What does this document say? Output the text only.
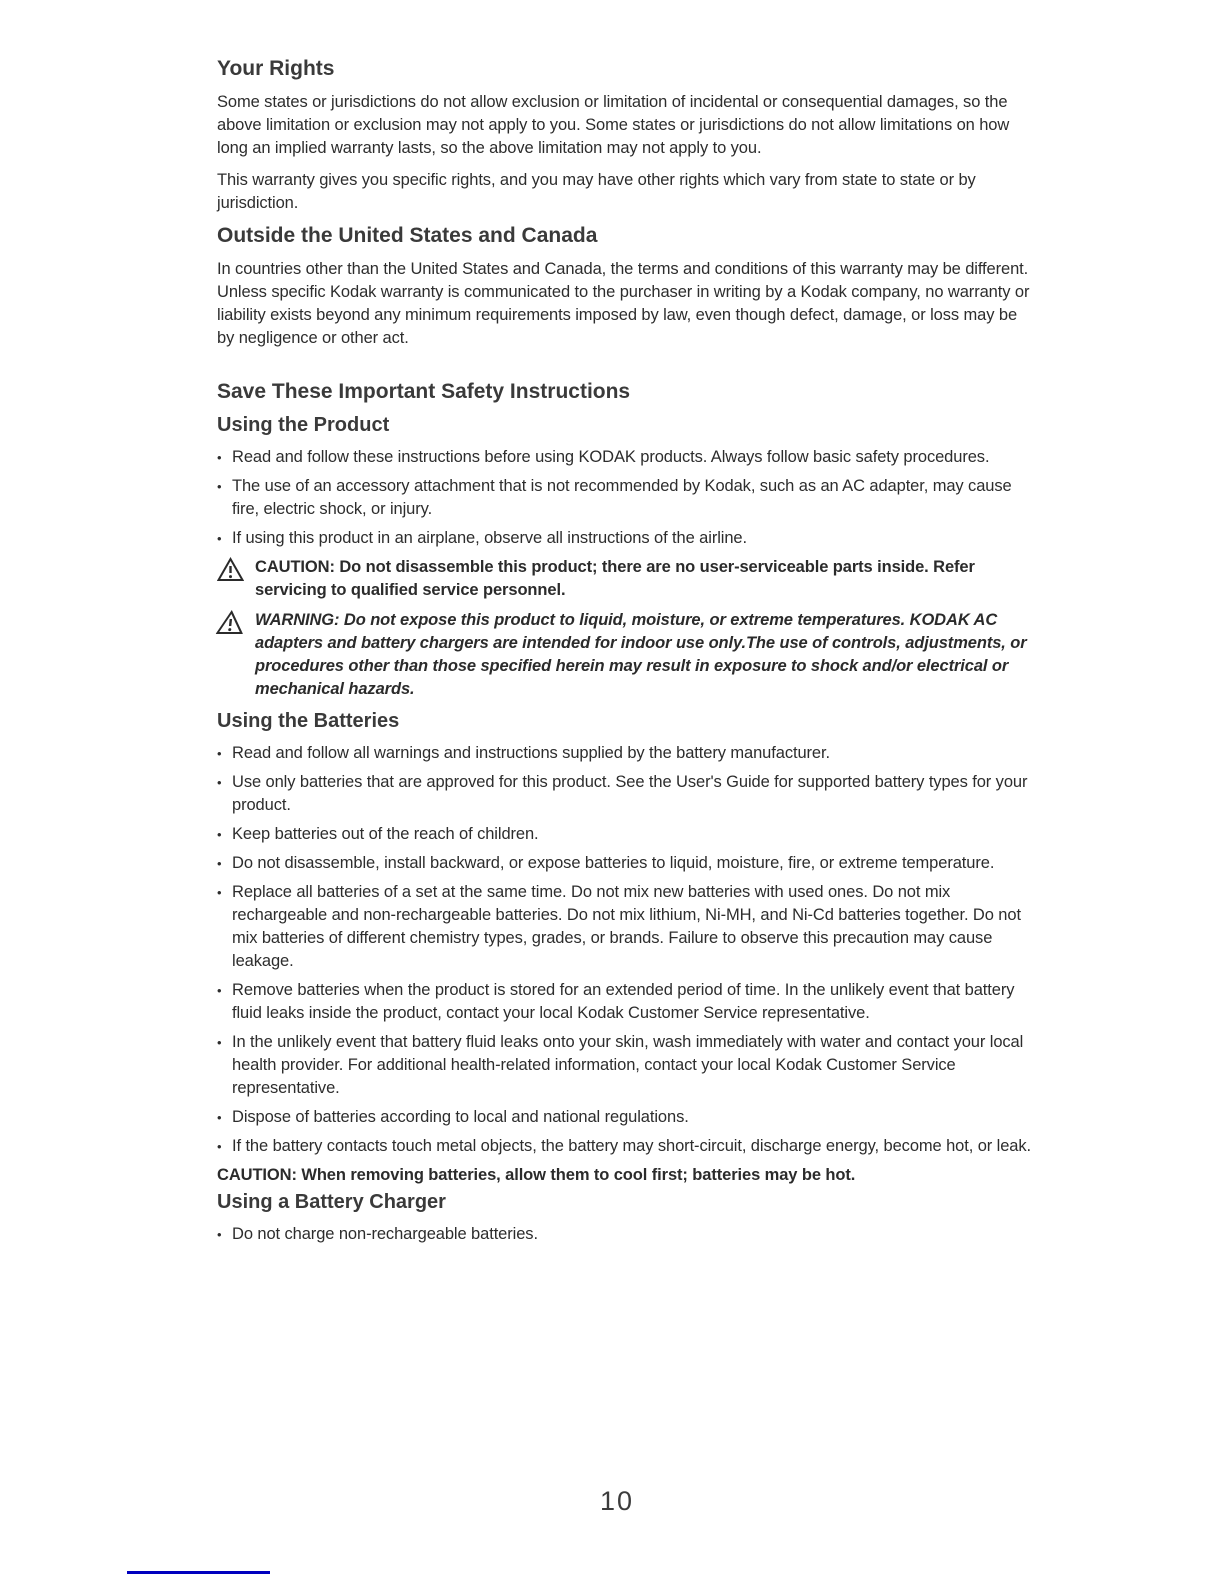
Your Rights

Some states or jurisdictions do not allow exclusion or limitation of incidental or consequential damages, so the above limitation or exclusion may not apply to you. Some states or jurisdictions do not allow limitations on how long an implied warranty lasts, so the above limitation may not apply to you.

This warranty gives you specific rights, and you may have other rights which vary from state to state or by jurisdiction.

Outside the United States and Canada

In countries other than the United States and Canada, the terms and conditions of this warranty may be different. Unless specific Kodak warranty is communicated to the purchaser in writing by a Kodak company, no warranty or liability exists beyond any minimum requirements imposed by law, even though defect, damage, or loss may be by negligence or other act.

Save These Important Safety Instructions
Using the Product
• Read and follow these instructions before using KODAK products. Always follow basic safety procedures.
• The use of an accessory attachment that is not recommended by Kodak, such as an AC adapter, may cause fire, electric shock, or injury.
• If using this product in an airplane, observe all instructions of the airline.

CAUTION: Do not disassemble this product; there are no user-serviceable parts inside. Refer servicing to qualified service personnel.

WARNING: Do not expose this product to liquid, moisture, or extreme temperatures. KODAK AC adapters and battery chargers are intended for indoor use only.The use of controls, adjustments, or procedures other than those specified herein may result in exposure to shock and/or electrical or mechanical hazards.

Using the Batteries
• Read and follow all warnings and instructions supplied by the battery manufacturer.
• Use only batteries that are approved for this product. See the User's Guide for supported battery types for your product.
• Keep batteries out of the reach of children.
• Do not disassemble, install backward, or expose batteries to liquid, moisture, fire, or extreme temperature.
• Replace all batteries of a set at the same time. Do not mix new batteries with used ones. Do not mix rechargeable and non-rechargeable batteries. Do not mix lithium, Ni-MH, and Ni-Cd batteries together. Do not mix batteries of different chemistry types, grades, or brands. Failure to observe this precaution may cause leakage.
• Remove batteries when the product is stored for an extended period of time. In the unlikely event that battery fluid leaks inside the product, contact your local Kodak Customer Service representative.
• In the unlikely event that battery fluid leaks onto your skin, wash immediately with water and contact your local health provider. For additional health-related information, contact your local Kodak Customer Service representative.
• Dispose of batteries according to local and national regulations.
• If the battery contacts touch metal objects, the battery may short-circuit, discharge energy, become hot, or leak.

CAUTION: When removing batteries, allow them to cool first; batteries may be hot.

Using a Battery Charger
• Do not charge non-rechargeable batteries.
10
